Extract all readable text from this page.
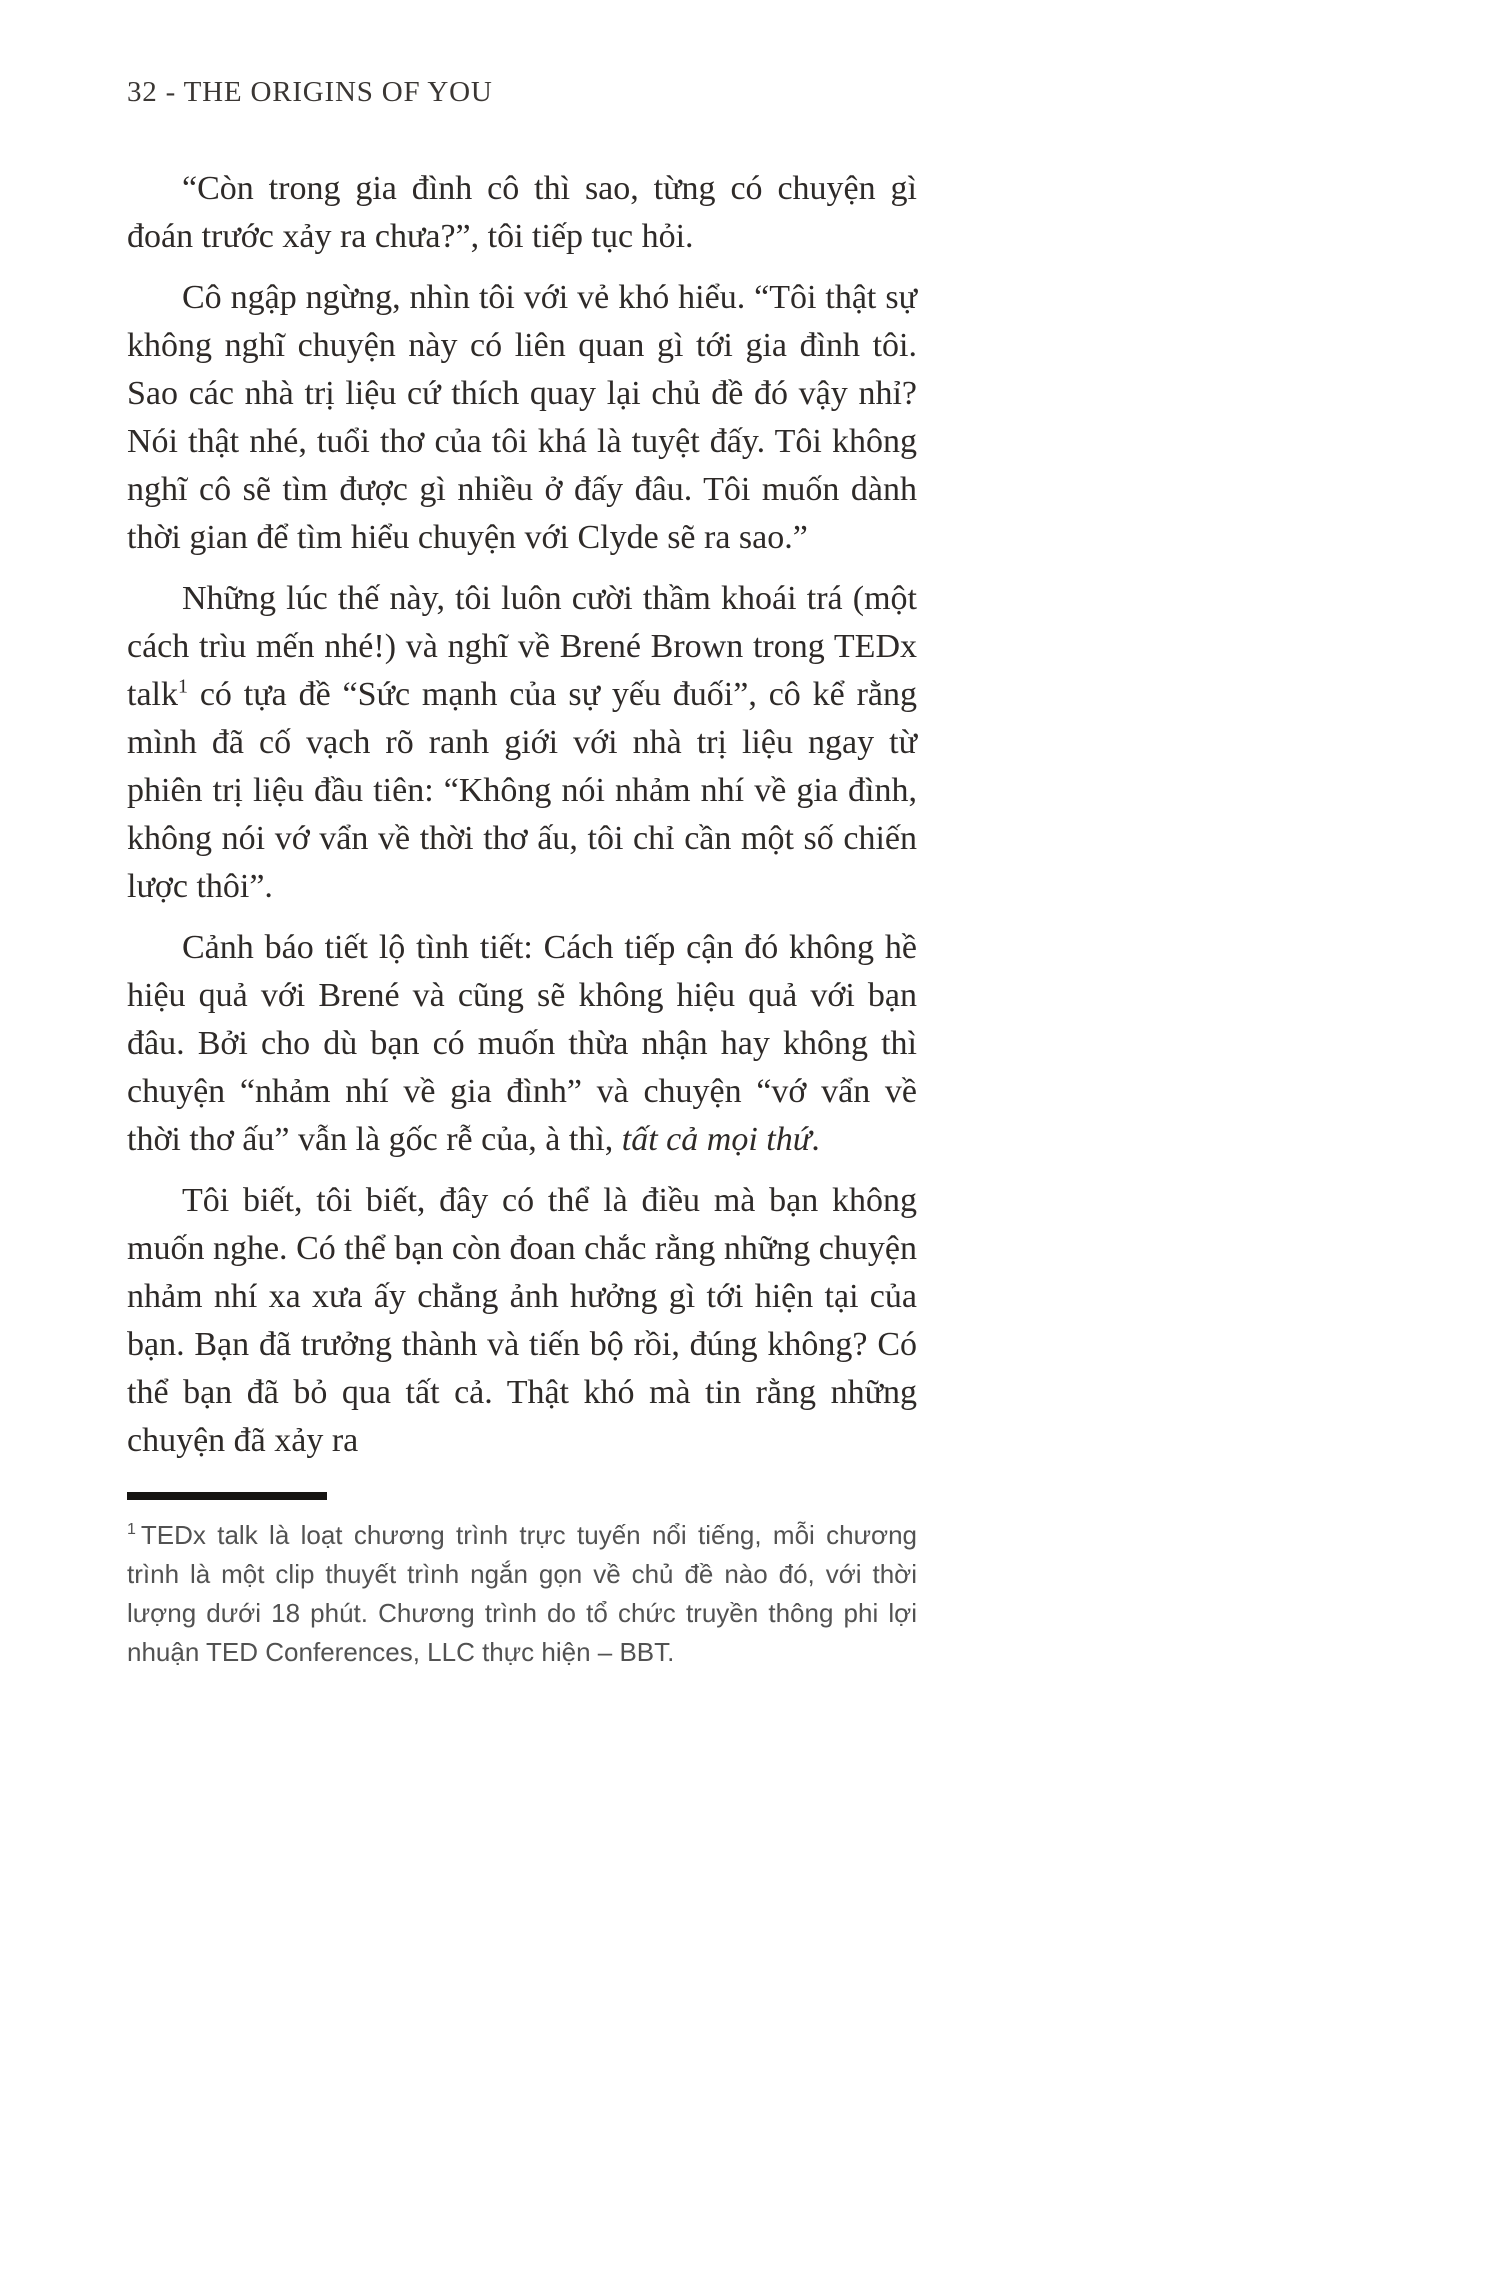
32 - THE ORIGINS OF YOU

“Còn trong gia đình cô thì sao, từng có chuyện gì đoán trước xảy ra chưa?”, tôi tiếp tục hỏi.

Cô ngập ngừng, nhìn tôi với vẻ khó hiểu. “Tôi thật sự không nghĩ chuyện này có liên quan gì tới gia đình tôi. Sao các nhà trị liệu cứ thích quay lại chủ đề đó vậy nhỉ? Nói thật nhé, tuổi thơ của tôi khá là tuyệt đấy. Tôi không nghĩ cô sẽ tìm được gì nhiều ở đấy đâu. Tôi muốn dành thời gian để tìm hiểu chuyện với Clyde sẽ ra sao.”

Những lúc thế này, tôi luôn cười thầm khoái trá (một cách trìu mến nhé!) và nghĩ về Brené Brown trong TEDx talk$^1$ có tựa đề “Sức mạnh của sự yếu đuối”, cô kể rằng mình đã cố vạch rõ ranh giới với nhà trị liệu ngay từ phiên trị liệu đầu tiên: “Không nói nhảm nhí về gia đình, không nói vớ vẩn về thời thơ ấu, tôi chỉ cần một số chiến lược thôi”.

Cảnh báo tiết lộ tình tiết: Cách tiếp cận đó không hề hiệu quả với Brené và cũng sẽ không hiệu quả với bạn đâu. Bởi cho dù bạn có muốn thừa nhận hay không thì chuyện “nhảm nhí về gia đình” và chuyện “vớ vẩn về thời thơ ấu” vẫn là gốc rễ của, à thì, tất cả mọi thứ.

Tôi biết, tôi biết, đây có thể là điều mà bạn không muốn nghe. Có thể bạn còn đoan chắc rằng những chuyện nhảm nhí xa xưa ấy chẳng ảnh hưởng gì tới hiện tại của bạn. Bạn đã trưởng thành và tiến bộ rồi, đúng không? Có thể bạn đã bỏ qua tất cả. Thật khó mà tin rằng những chuyện đã xảy ra

$^1$ TEDx talk là loạt chương trình trực tuyến nổi tiếng, mỗi chương trình là một clip thuyết trình ngắn gọn về chủ đề nào đó, với thời lượng dưới 18 phút. Chương trình do tổ chức truyền thông phi lợi nhuận TED Conferences, LLC thực hiện – BBT.
